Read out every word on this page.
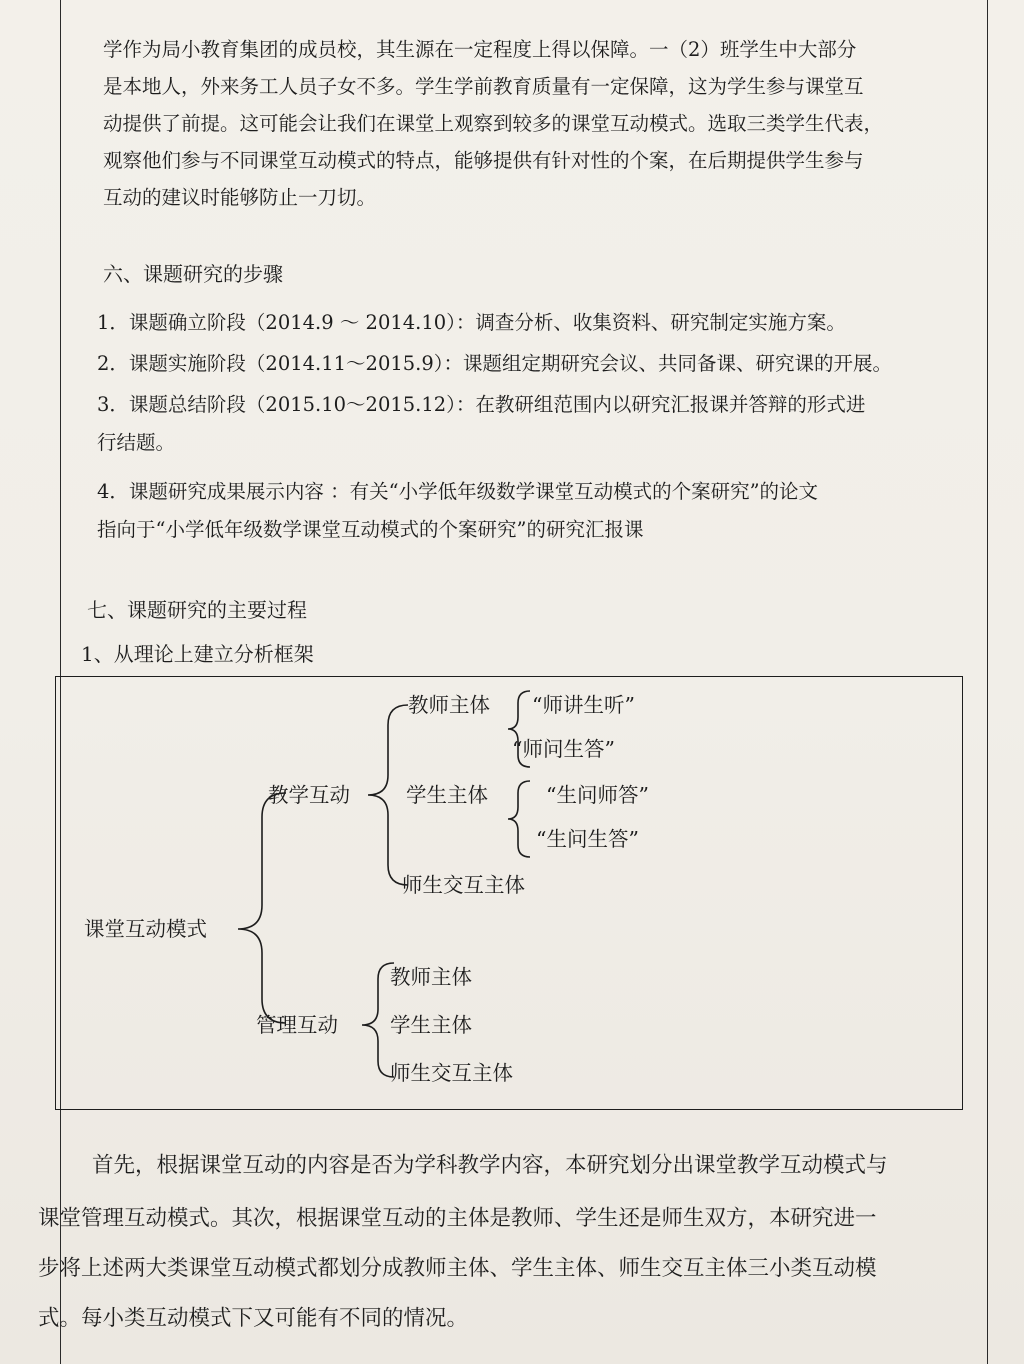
学作为局小教育集团的成员校，其生源在一定程度上得以保障。一（2）班学生中大部分
是本地人，外来务工人员子女不多。学生学前教育质量有一定保障，这为学生参与课堂互
动提供了前提。这可能会让我们在课堂上观察到较多的课堂互动模式。选取三类学生代表，
观察他们参与不同课堂互动模式的特点，能够提供有针对性的个案，在后期提供学生参与
互动的建议时能够防止一刀切。
六、课题研究的步骤
1．课题确立阶段（2014.9 ～ 2014.10）：调查分析、收集资料、研究制定实施方案。
2．课题实施阶段（2014.11～2015.9）：课题组定期研究会议、共同备课、研究课的开展。
3．课题总结阶段（2015.10～2015.12）：在教研组范围内以研究汇报课并答辩的形式进
行结题。
4．课题研究成果展示内容 ：有关“小学低年级数学课堂互动模式的个案研究”的论文
指向于“小学低年级数学课堂互动模式的个案研究”的研究汇报课
七、课题研究的主要过程
1、从理论上建立分析框架
课堂互动模式
教学互动
管理互动
教师主体
学生主体
师生交互主体
“师讲生听”
“师问生答”
“生问师答”
“生问生答”
教师主体
学生主体
师生交互主体
首先，根据课堂互动的内容是否为学科教学内容，本研究划分出课堂教学互动模式与
课堂管理互动模式。其次，根据课堂互动的主体是教师、学生还是师生双方，本研究进一
步将上述两大类课堂互动模式都划分成教师主体、学生主体、师生交互主体三小类互动模
式。每小类互动模式下又可能有不同的情况。
